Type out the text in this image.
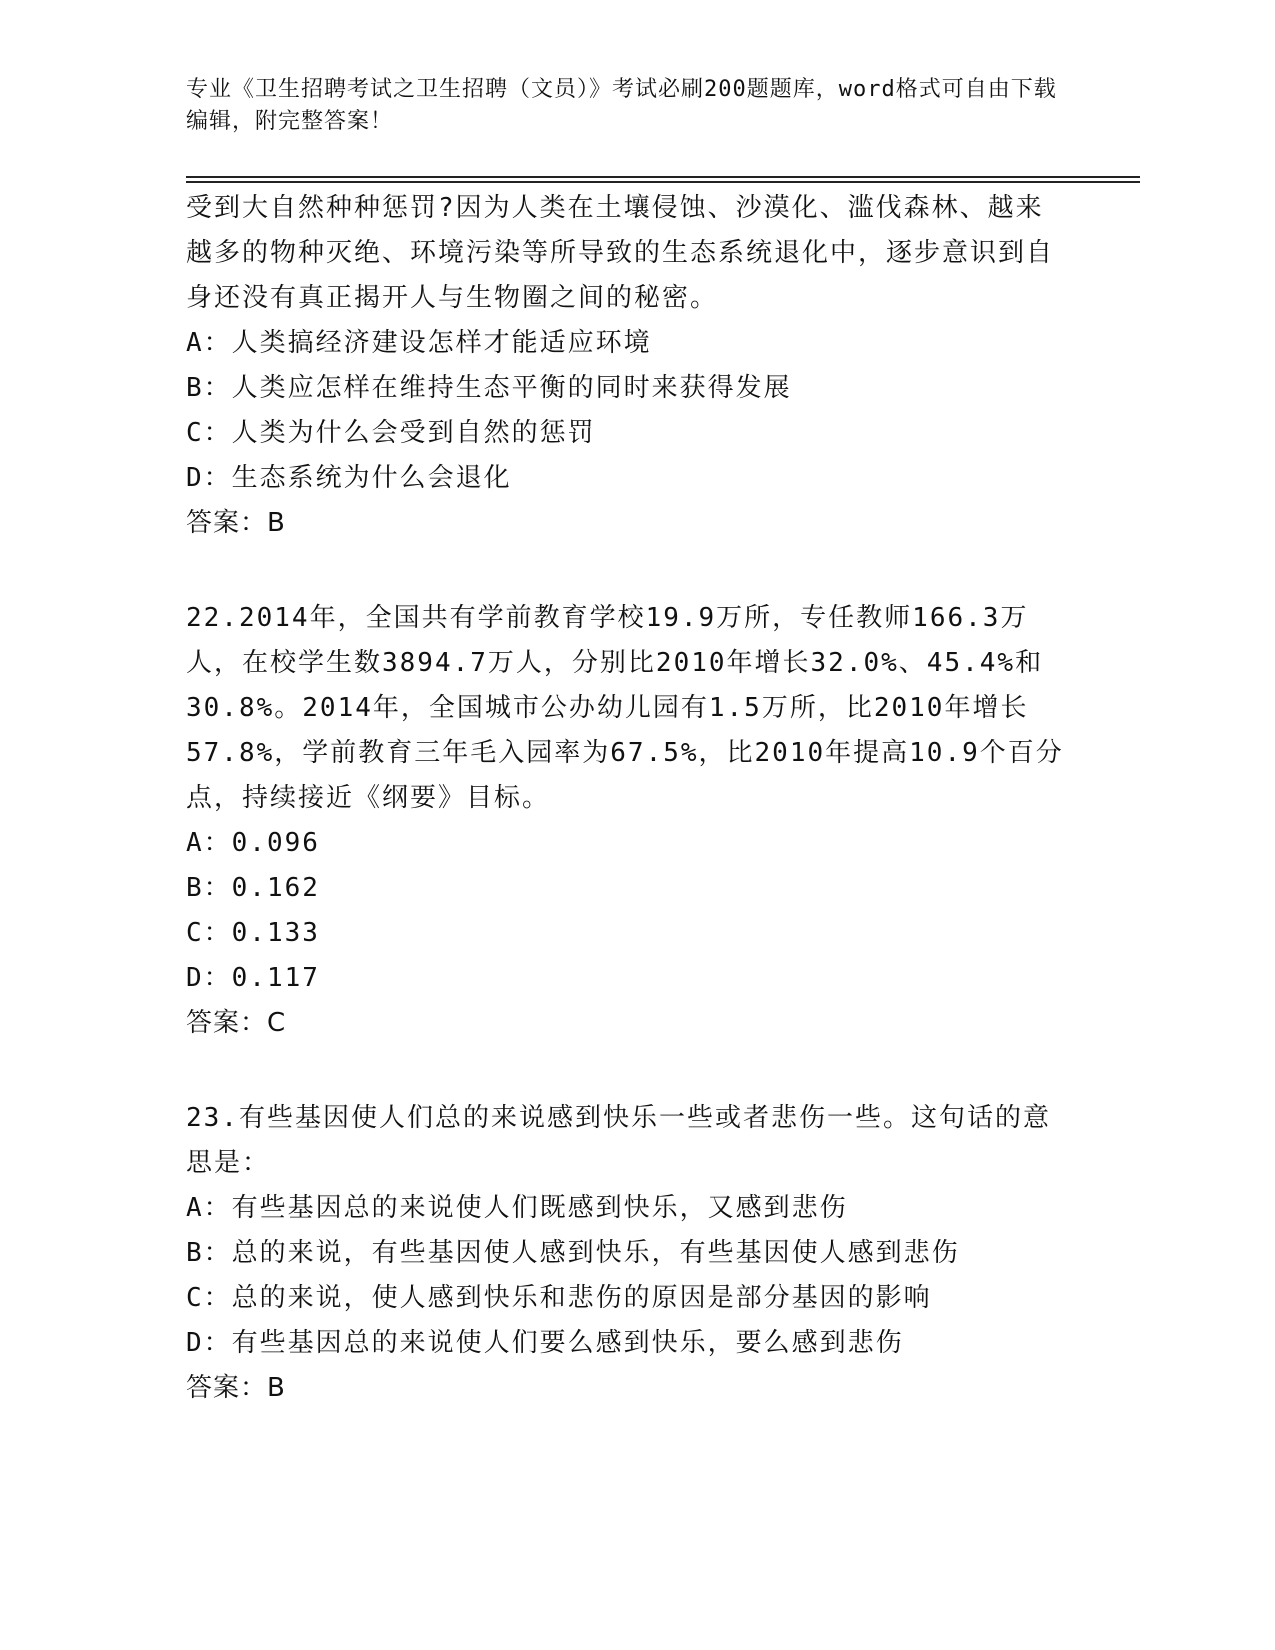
专业《卫生招聘考试之卫生招聘（文员）》考试必刷200题题库，word格式可自由下载编辑，附完整答案！

受到大自然种种惩罚?因为人类在土壤侵蚀、沙漠化、滥伐森林、越来越多的物种灭绝、环境污染等所导致的生态系统退化中，逐步意识到自身还没有真正揭开人与生物圈之间的秘密。

A：人类搞经济建设怎样才能适应环境

B：人类应怎样在维持生态平衡的同时来获得发展

C：人类为什么会受到自然的惩罚

D：生态系统为什么会退化

答案：B

22.2014年，全国共有学前教育学校19.9万所，专任教师166.3万人，在校学生数3894.7万人，分别比2010年增长32.0%、45.4%和30.8%。2014年，全国城市公办幼儿园有1.5万所，比2010年增长57.8%，学前教育三年毛入园率为67.5%，比2010年提高10.9个百分点，持续接近《纲要》目标。

A：0.096

B：0.162

C：0.133

D：0.117

答案：C

23.有些基因使人们总的来说感到快乐一些或者悲伤一些。这句话的意思是：

A：有些基因总的来说使人们既感到快乐，又感到悲伤

B：总的来说，有些基因使人感到快乐，有些基因使人感到悲伤

C：总的来说，使人感到快乐和悲伤的原因是部分基因的影响

D：有些基因总的来说使人们要么感到快乐，要么感到悲伤

答案：B
